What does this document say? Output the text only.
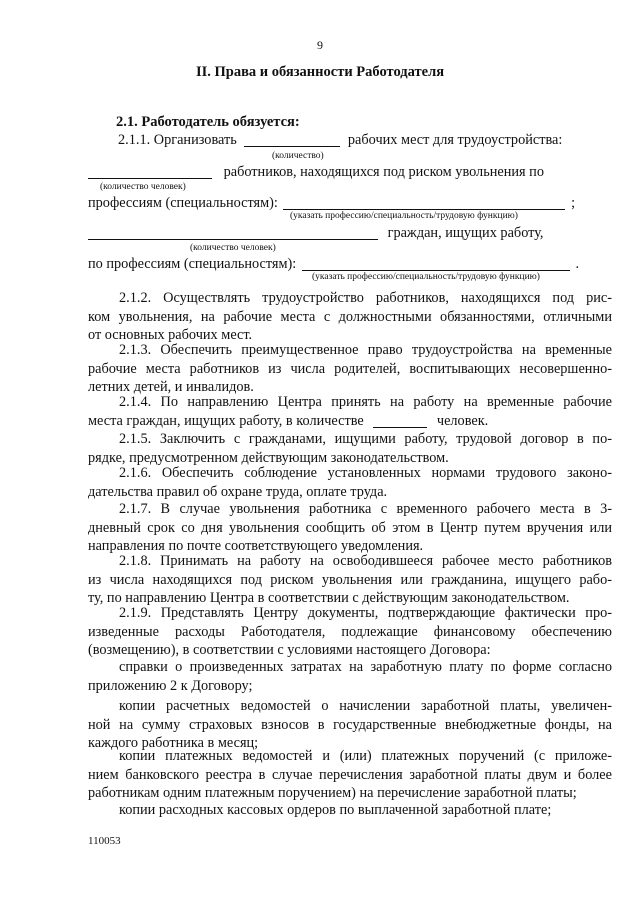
9
II. Права и обязанности Работодателя
2.1. Работодатель обязуется:
2.1.1. Организовать	рабочих мест для трудоустройства:
(количество)
работников, находящихся под риском увольнения по
(количество человек)
профессиям (специальностям):	;
(указать профессию/специальность/трудовую функцию)
граждан, ищущих работу,
(количество человек)
по профессиям (специальностям):	.
(указать профессию/специальность/трудовую функцию)
2.1.2. Осуществлять трудоустройство работников, находящихся под рис-
ком увольнения, на рабочие места с должностными обязанностями, отличными
от основных рабочих мест.
2.1.3. Обеспечить преимущественное право трудоустройства на временные
рабочие места работников из числа родителей, воспитывающих несовершенно-
летних детей, и инвалидов.
2.1.4. По направлению Центра принять на работу на временные рабочие
места граждан, ищущих работу, в количестве	человек.
2.1.5. Заключить с гражданами, ищущими работу, трудовой договор в по-
рядке, предусмотренном действующим законодательством.
2.1.6. Обеспечить соблюдение установленных нормами трудового законо-
дательства правил об охране труда, оплате труда.
2.1.7. В случае увольнения работника с временного рабочего места в 3-
дневный срок со дня увольнения сообщить об этом в Центр путем вручения или
направления по почте соответствующего уведомления.
2.1.8. Принимать на работу на освободившееся рабочее место работников
из числа находящихся под риском увольнения или гражданина, ищущего рабо-
ту, по направлению Центра в соответствии с действующим законодательством.
2.1.9. Представлять Центру документы, подтверждающие фактически про-
изведенные расходы Работодателя, подлежащие финансовому обеспечению
(возмещению), в соответствии с условиями настоящего Договора:
справки о произведенных затратах на заработную плату по форме согласно
приложению 2 к Договору;
копии расчетных ведомостей о начислении заработной платы, увеличен-
ной на сумму страховых взносов в государственные внебюджетные фонды, на
каждого работника в месяц;
копии платежных ведомостей и (или) платежных поручений (с приложе-
нием банковского реестра в случае перечисления заработной платы двум и более
работникам одним платежным поручением) на перечисление заработной платы;
копии расходных кассовых ордеров по выплаченной заработной плате;
110053
